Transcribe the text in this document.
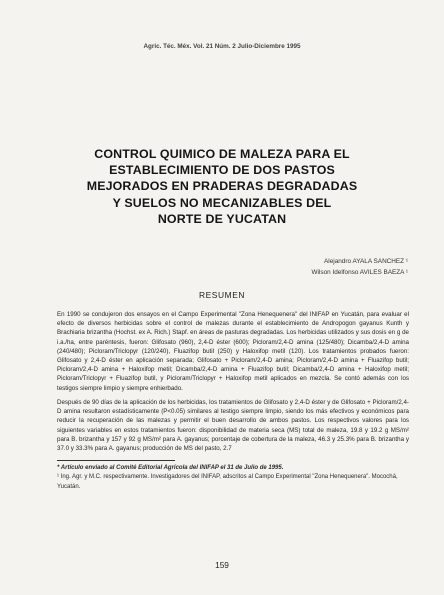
Agric. Téc. Méx. Vol. 21 Núm. 2 Julio-Diciembre 1995
CONTROL QUIMICO DE MALEZA PARA EL
ESTABLECIMIENTO DE DOS PASTOS
MEJORADOS EN PRADERAS DEGRADADAS
Y SUELOS NO MECANIZABLES DEL
NORTE DE YUCATAN
Alejandro AYALA SANCHEZ ¹
Wilson Idelfonso AVILES BAEZA ¹
RESUMEN

En 1990 se condujeron dos ensayos en el Campo Experimental "Zona Henequenera" del INIFAP en Yucatán, para evaluar el efecto de diversos herbicidas sobre el control de malezas durante el establecimiento de Andropogon gayanus Kunth y Brachiaria brizantha (Hochst. ex A. Rich.) Stapf. en áreas de pasturas degradadas. Los herbicidas utilizados y sus dosis en g de i.a./ha, entre paréntesis, fueron: Glifosato (960), 2,4-D éster (600); Picloram/2,4-D amina (125/480); Dicamba/2,4-D amina (240/480); Picloram/Triclopyr (120/240), Fluazifop butil (250) y Haloxifop metil (120). Los tratamientos probados fueron: Glifosato y 2,4-D éster en aplicación separada; Glifosato + Picloram/2,4-D amina; Picloram/2,4-D amina + Fluazifop butil; Picloram/2,4-D amina + Haloxifop metil; Dicamba/2,4-D amina + Fluazifop butil; Dicamba/2,4-D amina + Haloxifop metil; Picloram/Triclopyr + Fluazifop butil, y Picloram/Triclopyr + Haloxifop metil aplicados en mezcla. Se contó además con los testigos siempre limpio y siempre enhierbado.

Después de 90 días de la aplicación de los herbicidas, los tratamientos de Glifosato y 2,4-D éster y de Glifosato + Picloram/2,4-D amina resultaron estadísticamente (P<0.05) similares al testigo siempre limpio, siendo los más efectivos y económicos para reducir la recuperación de las malezas y permitir el buen desarrollo de ambos pastos. Los respectivos valores para los siguientes variables en estos tratamientos fueron: disponibilidad de materia seca (MS) total de maleza, 19.8 y 19.2 g MS/m² para B. brizantha y 157 y 92 g MS/m² para A. gayanus; porcentaje de cobertura de la maleza, 46.3 y 25.3% para B. brizantha y 37.0 y 33.3% para A. gayanus; producción de MS del pasto, 2.7

* Artículo enviado al Comité Editorial Agrícola del INIFAP el 31 de Julio de 1995.
¹ Ing. Agr. y M.C. respectivamente. Investigadores del INIFAP, adscritos al Campo Experimental "Zona Henequenera". Mocochá, Yucatán.
159
